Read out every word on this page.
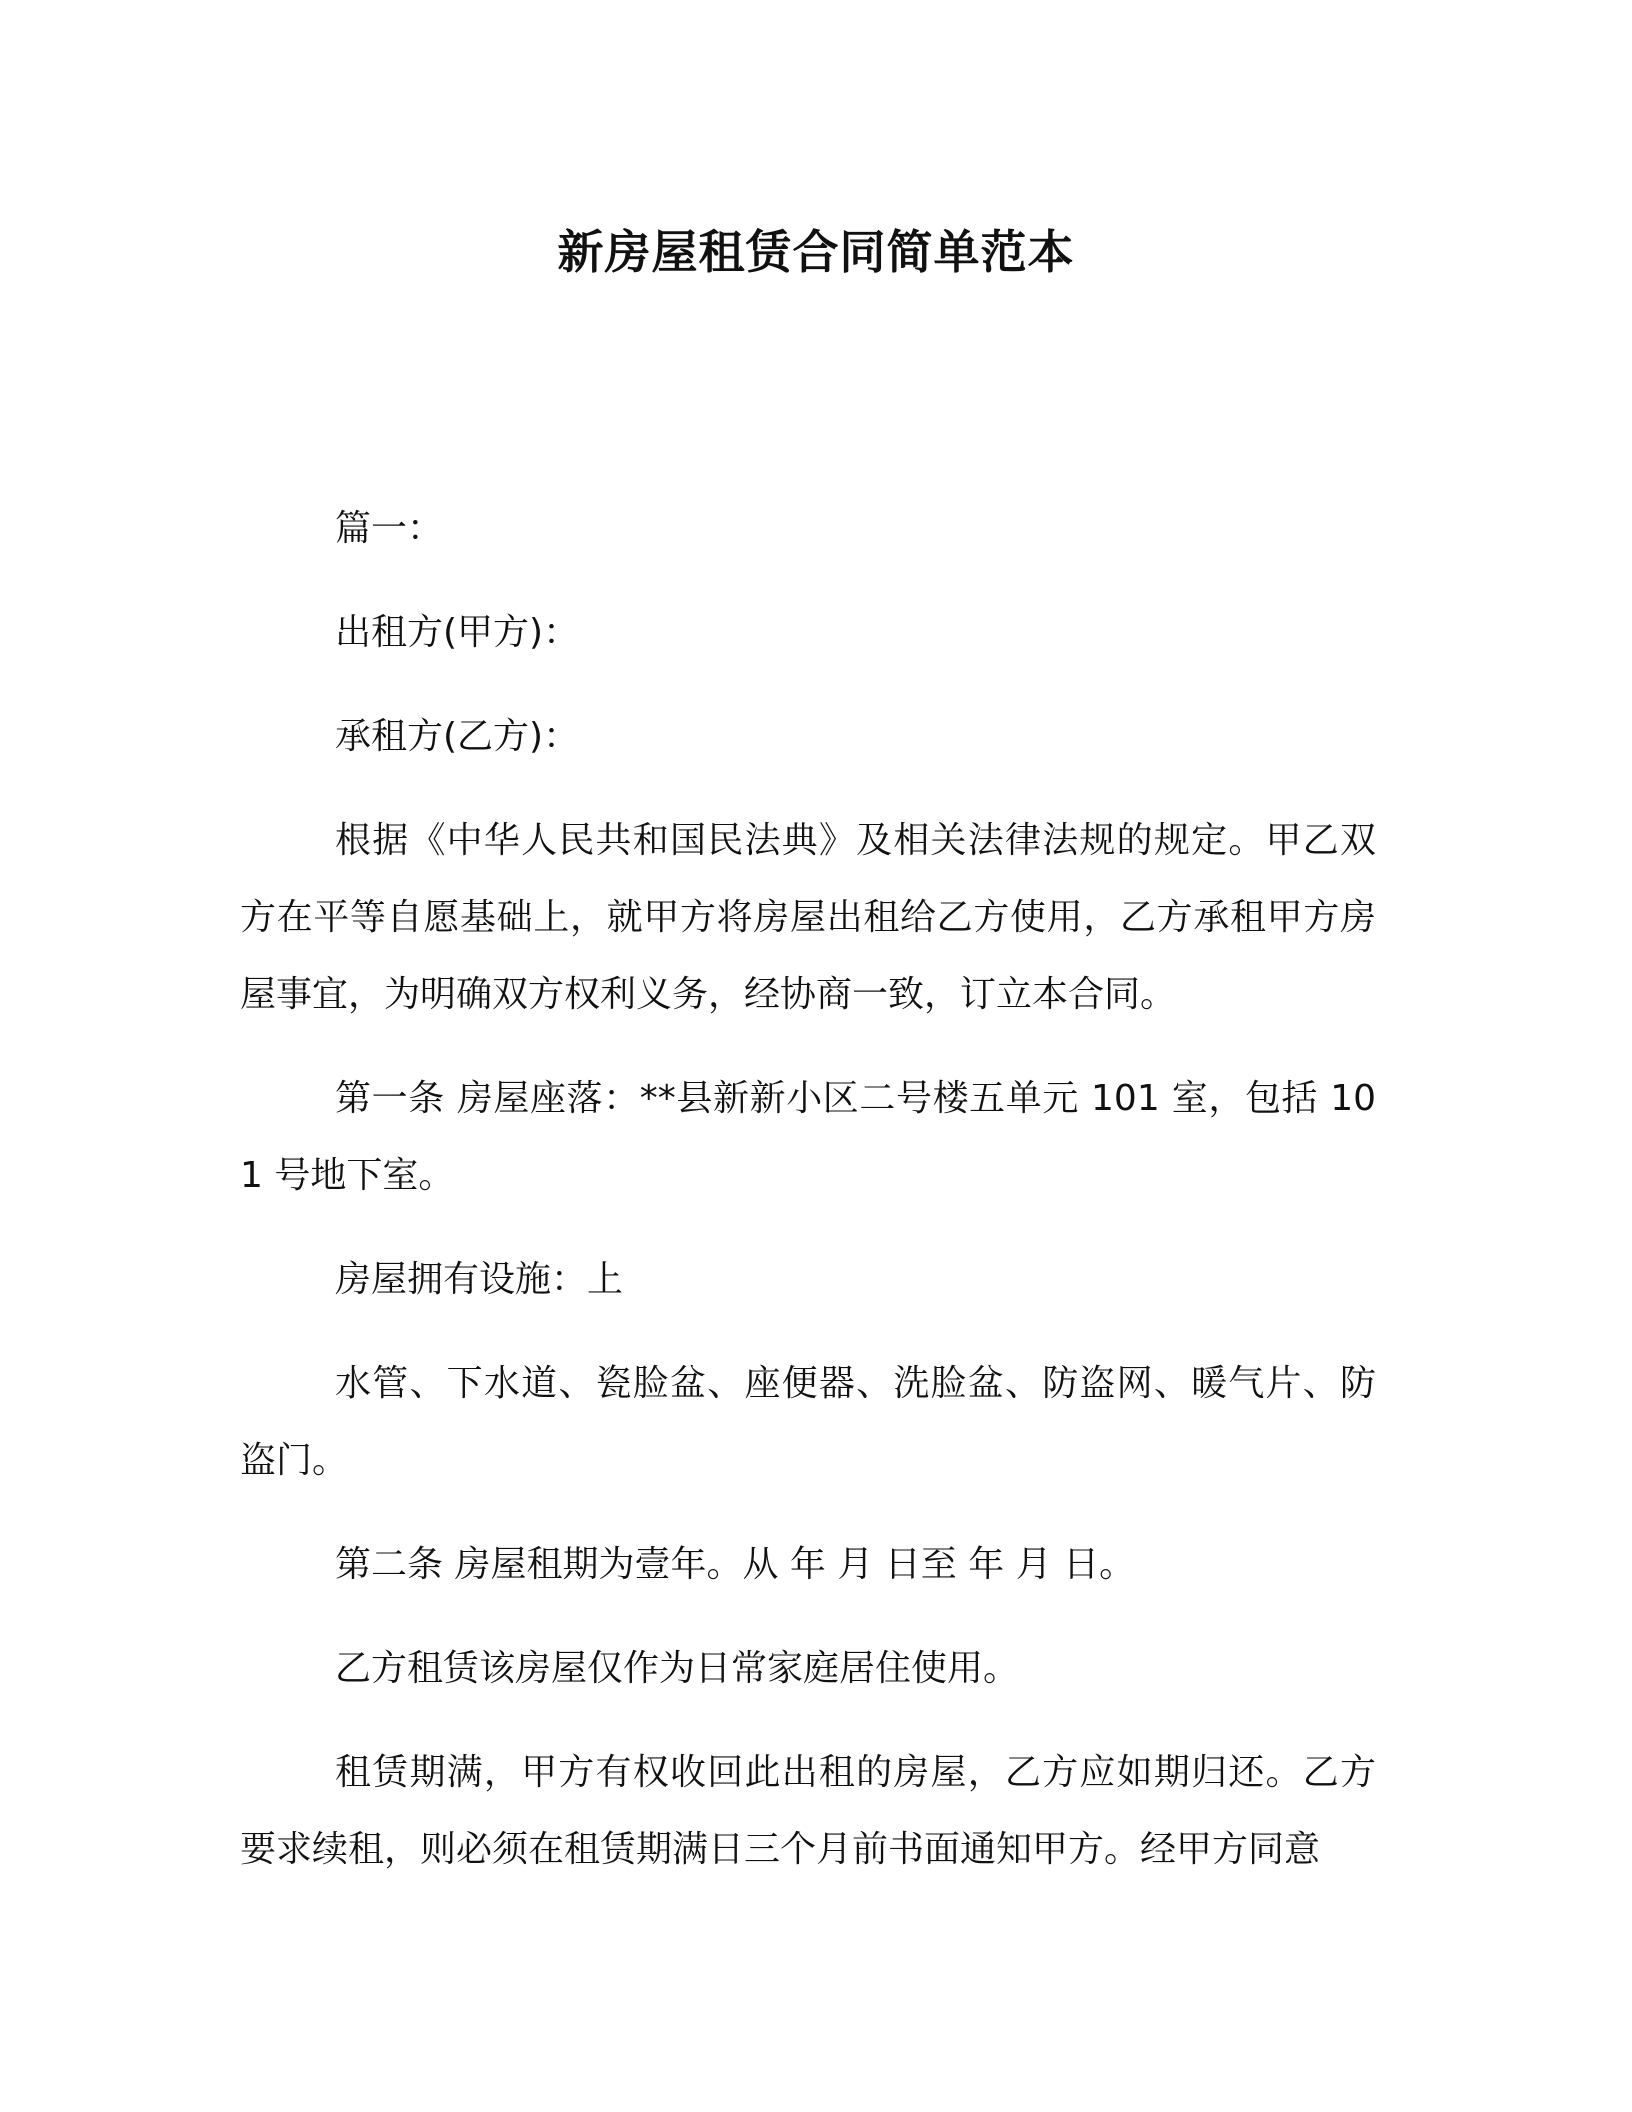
新房屋租赁合同简单范本

篇一：

出租方(甲方)：

承租方(乙方)：

根据《中华人民共和国民法典》及相关法律法规的规定。甲乙双方在平等自愿基础上，就甲方将房屋出租给乙方使用，乙方承租甲方房屋事宜，为明确双方权利义务，经协商一致，订立本合同。

第一条 房屋座落：**县新新小区二号楼五单元 101 室，包括 101 号地下室。

房屋拥有设施：上

水管、下水道、瓷脸盆、座便器、洗脸盆、防盗网、暖气片、防盗门。

第二条 房屋租期为壹年。从 年 月 日至 年 月 日。

乙方租赁该房屋仅作为日常家庭居住使用。

租赁期满，甲方有权收回此出租的房屋，乙方应如期归还。乙方要求续租，则必须在租赁期满日三个月前书面通知甲方。经甲方同意
